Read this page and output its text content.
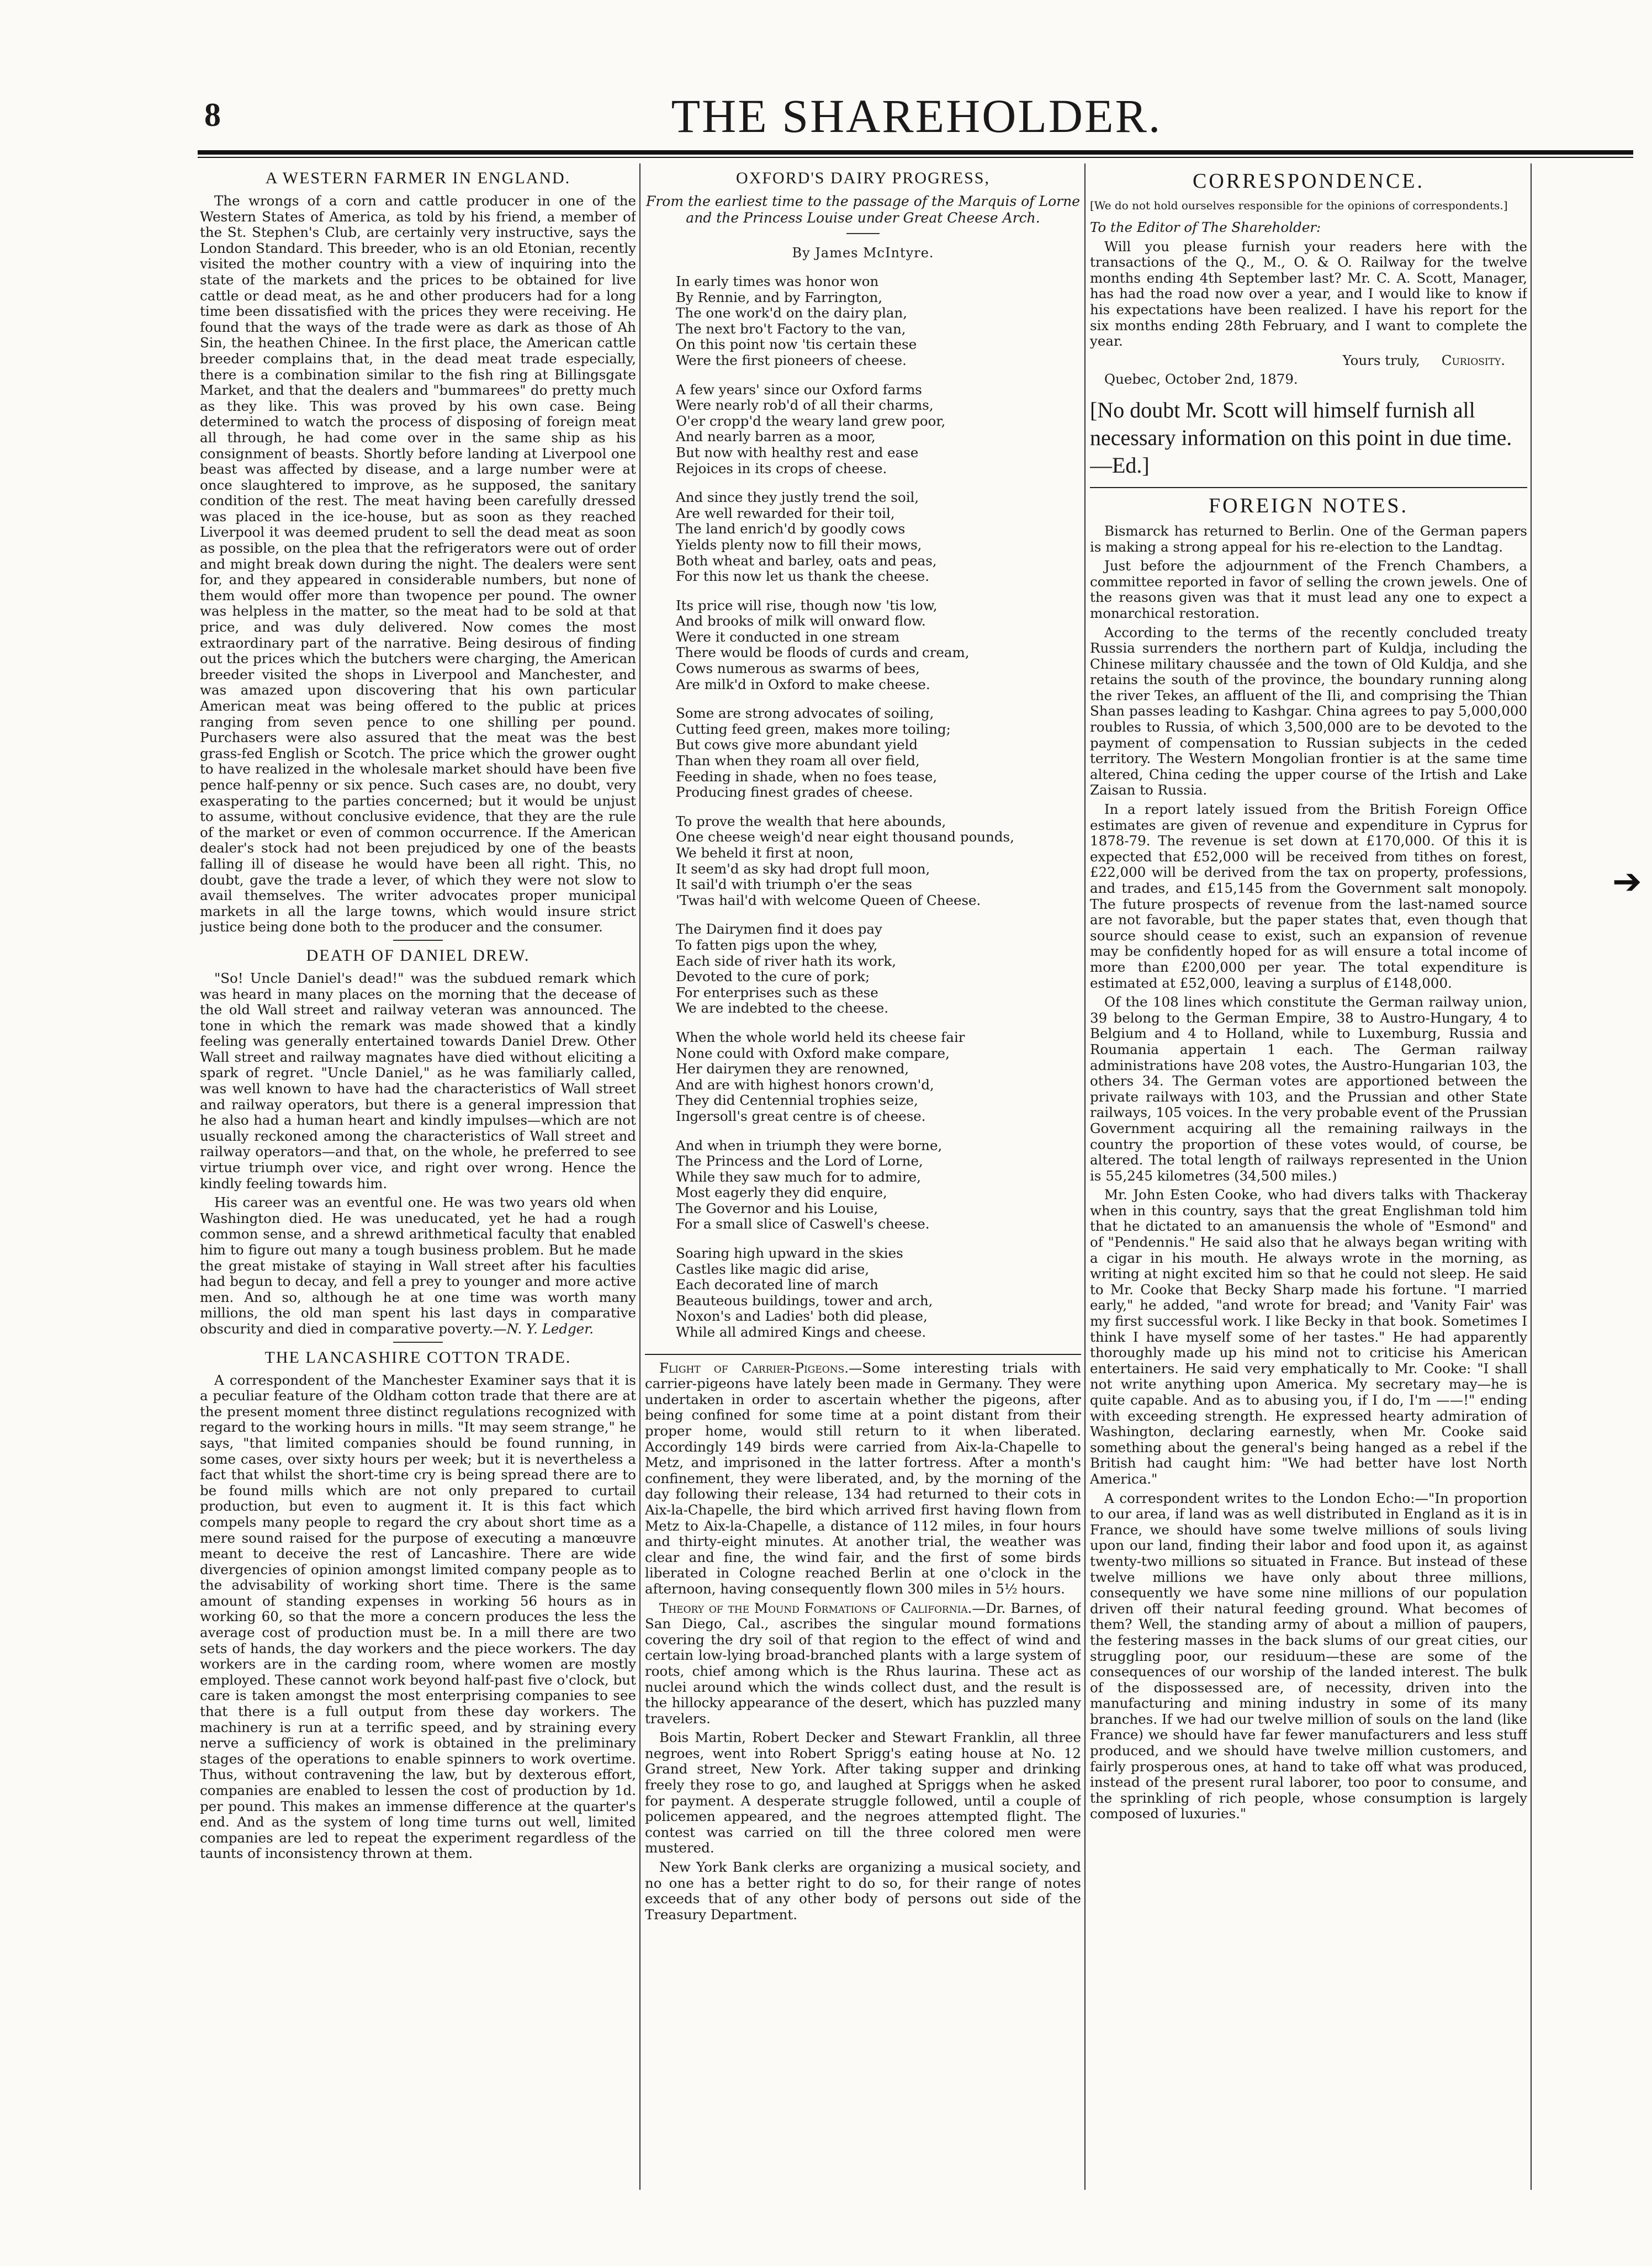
8	THE SHAREHOLDER.
A WESTERN FARMER IN ENGLAND.

The wrongs of a corn and cattle producer in one of the Western States of America, as told by his friend, a member of the St. Stephen's Club, are certainly very instructive, says the London Standard. This breeder, who is an old Etonian, recently visited the mother country with a view of inquiring into the state of the markets and the prices to be obtained for live cattle or dead meat, as he and other producers had for a long time been dissatisfied with the prices they were receiving. He found that the ways of the trade were as dark as those of Ah Sin, the heathen Chinee. In the first place, the American cattle breeder complains that, in the dead meat trade especially, there is a combination similar to the fish ring at Billingsgate Market, and that the dealers and "bummarees" do pretty much as they like. This was proved by his own case. Being determined to watch the process of disposing of foreign meat all through, he had come over in the same ship as his consignment of beasts. Shortly before landing at Liverpool one beast was affected by disease, and a large number were at once slaughtered to improve, as he supposed, the sanitary condition of the rest. The meat having been carefully dressed was placed in the ice-house, but as soon as they reached Liverpool it was deemed prudent to sell the dead meat as soon as possible, on the plea that the refrigerators were out of order and might break down during the night. The dealers were sent for, and they appeared in considerable numbers, but none of them would offer more than twopence per pound. The owner was helpless in the matter, so the meat had to be sold at that price, and was duly delivered. Now comes the most extraordinary part of the narrative. Being desirous of finding out the prices which the butchers were charging, the American breeder visited the shops in Liverpool and Manchester, and was amazed upon discovering that his own particular American meat was being offered to the public at prices ranging from seven pence to one shilling per pound. Purchasers were also assured that the meat was the best grass-fed English or Scotch. The price which the grower ought to have realized in the wholesale market should have been five pence half-penny or six pence. Such cases are, no doubt, very exasperating to the parties concerned; but it would be unjust to assume, without conclusive evidence, that they are the rule of the market or even of common occurrence. If the American dealer's stock had not been prejudiced by one of the beasts falling ill of disease he would have been all right. This, no doubt, gave the trade a lever, of which they were not slow to avail themselves. The writer advocates proper municipal markets in all the large towns, which would insure strict justice being done both to the producer and the consumer.

DEATH OF DANIEL DREW.

"So! Uncle Daniel's dead!" was the subdued remark which was heard in many places on the morning that the decease of the old Wall street and railway veteran was announced. The tone in which the remark was made showed that a kindly feeling was generally entertained towards Daniel Drew. Other Wall street and railway magnates have died without eliciting a spark of regret. "Uncle Daniel," as he was familiarly called, was well known to have had the characteristics of Wall street and railway operators, but there is a general impression that he also had a human heart and kindly impulses—which are not usually reckoned among the characteristics of Wall street and railway operators—and that, on the whole, he preferred to see virtue triumph over vice, and right over wrong. Hence the kindly feeling towards him.

His career was an eventful one. He was two years old when Washington died. He was uneducated, yet he had a rough common sense, and a shrewd arithmetical faculty that enabled him to figure out many a tough business problem. But he made the great mistake of staying in Wall street after his faculties had begun to decay, and fell a prey to younger and more active men. And so, although he at one time was worth many millions, the old man spent his last days in comparative obscurity and died in comparative poverty.—N. Y. Ledger.

THE LANCASHIRE COTTON TRADE.

A correspondent of the Manchester Examiner says that it is a peculiar feature of the Oldham cotton trade that there are at the present moment three distinct regulations recognized with regard to the working hours in mills. "It may seem strange," he says, "that limited companies should be found running, in some cases, over sixty hours per week; but it is nevertheless a fact that whilst the short-time cry is being spread there are to be found mills which are not only prepared to curtail production, but even to augment it. It is this fact which compels many people to regard the cry about short time as a mere sound raised for the purpose of executing a manœuvre meant to deceive the rest of Lancashire. There are wide divergencies of opinion amongst limited company people as to the advisability of working short time. There is the same amount of standing expenses in working 56 hours as in working 60, so that the more a concern produces the less the average cost of production must be. In a mill there are two sets of hands, the day workers and the piece workers. The day workers are in the carding room, where women are mostly employed. These cannot work beyond half-past five o'clock, but care is taken amongst the most enterprising companies to see that there is a full output from these day workers. The machinery is run at a terrific speed, and by straining every nerve a sufficiency of work is obtained in the preliminary stages of the operations to enable spinners to work overtime. Thus, without contravening the law, but by dexterous effort, companies are enabled to lessen the cost of production by 1d. per pound. This makes an immense difference at the quarter's end. And as the system of long time turns out well, limited companies are led to repeat the experiment regardless of the taunts of inconsistency thrown at them.

OXFORD'S DAIRY PROGRESS,
From the earliest time to the passage of the Marquis of Lorne
and the Princess Louise under Great Cheese Arch.
By James McIntyre.
In early times was honor won
By Rennie, and by Farrington,
The one work'd on the dairy plan,
The next bro't Factory to the van,
On this point now 'tis certain these
Were the first pioneers of cheese.
A few years' since our Oxford farms
Were nearly rob'd of all their charms,
O'er cropp'd the weary land grew poor,
And nearly barren as a moor,
But now with healthy rest and ease
Rejoices in its crops of cheese.
And since they justly trend the soil,
Are well rewarded for their toil,
The land enrich'd by goodly cows
Yields plenty now to fill their mows,
Both wheat and barley, oats and peas,
For this now let us thank the cheese.
Its price will rise, though now 'tis low,
And brooks of milk will onward flow.
Were it conducted in one stream
There would be floods of curds and cream,
Cows numerous as swarms of bees,
Are milk'd in Oxford to make cheese.
Some are strong advocates of soiling,
Cutting feed green, makes more toiling;
But cows give more abundant yield
Than when they roam all over field,
Feeding in shade, when no foes tease,
Producing finest grades of cheese.
To prove the wealth that here abounds,
One cheese weigh'd near eight thousand pounds,
We beheld it first at noon,
It seem'd as sky had dropt full moon,
It sail'd with triumph o'er the seas
'Twas hail'd with welcome Queen of Cheese.
The Dairymen find it does pay
To fatten pigs upon the whey,
Each side of river hath its work,
Devoted to the cure of pork;
For enterprises such as these
We are indebted to the cheese.
When the whole world held its cheese fair
None could with Oxford make compare,
Her dairymen they are renowned,
And are with highest honors crown'd,
They did Centennial trophies seize,
Ingersoll's great centre is of cheese.
And when in triumph they were borne,
The Princess and the Lord of Lorne,
While they saw much for to admire,
Most eagerly they did enquire,
The Governor and his Louise,
For a small slice of Caswell's cheese.
Soaring high upward in the skies
Castles like magic did arise,
Each decorated line of march
Beauteous buildings, tower and arch,
Noxon's and Ladies' both did please,
While all admired Kings and cheese.

Flight of Carrier-Pigeons.—Some interesting trials with carrier-pigeons have lately been made in Germany. They were undertaken in order to ascertain whether the pigeons, after being confined for some time at a point distant from their proper home, would still return to it when liberated. Accordingly 149 birds were carried from Aix-la-Chapelle to Metz, and imprisoned in the latter fortress. After a month's confinement, they were liberated, and, by the morning of the day following their release, 134 had returned to their cots in Aix-la-Chapelle, the bird which arrived first having flown from Metz to Aix-la-Chapelle, a distance of 112 miles, in four hours and thirty-eight minutes. At another trial, the weather was clear and fine, the wind fair, and the first of some birds liberated in Cologne reached Berlin at one o'clock in the afternoon, having consequently flown 300 miles in 5½ hours.

Theory of the Mound Formations of California.—Dr. Barnes, of San Diego, Cal., ascribes the singular mound formations covering the dry soil of that region to the effect of wind and certain low-lying broad-branched plants with a large system of roots, chief among which is the Rhus laurina. These act as nuclei around which the winds collect dust, and the result is the hillocky appearance of the desert, which has puzzled many travelers.

Bois Martin, Robert Decker and Stewart Franklin, all three negroes, went into Robert Sprigg's eating house at No. 12 Grand street, New York. After taking supper and drinking freely they rose to go, and laughed at Spriggs when he asked for payment. A desperate struggle followed, until a couple of policemen appeared, and the negroes attempted flight. The contest was carried on till the three colored men were mustered.

New York Bank clerks are organizing a musical society, and no one has a better right to do so, for their range of notes exceeds that of any other body of persons out side of the Treasury Department.

CORRESPONDENCE.

[We do not hold ourselves responsible for the opinions of correspondents.]

To the Editor of The Shareholder:

Will you please furnish your readers here with the transactions of the Q., M., O. & O. Railway for the twelve months ending 4th September last? Mr. C. A. Scott, Manager, has had the road now over a year, and I would like to know if his expectations have been realized. I have his report for the six months ending 28th February, and I want to complete the year.

Yours truly, Curiosity.

Quebec, October 2nd, 1879.

[No doubt Mr. Scott will himself furnish all necessary information on this point in due time.—Ed.]

FOREIGN NOTES.

Bismarck has returned to Berlin. One of the German papers is making a strong appeal for his re-election to the Landtag.

Just before the adjournment of the French Chambers, a committee reported in favor of selling the crown jewels. One of the reasons given was that it must lead any one to expect a monarchical restoration.

According to the terms of the recently concluded treaty Russia surrenders the northern part of Kuldja, including the Chinese military chaussée and the town of Old Kuldja, and she retains the south of the province, the boundary running along the river Tekes, an affluent of the Ili, and comprising the Thian Shan passes leading to Kashgar. China agrees to pay 5,000,000 roubles to Russia, of which 3,500,000 are to be devoted to the payment of compensation to Russian subjects in the ceded territory. The Western Mongolian frontier is at the same time altered, China ceding the upper course of the Irtish and Lake Zaisan to Russia.

In a report lately issued from the British Foreign Office estimates are given of revenue and expenditure in Cyprus for 1878-79. The revenue is set down at £170,000. Of this it is expected that £52,000 will be received from tithes on forest, £22,000 will be derived from the tax on property, professions, and trades, and £15,145 from the Government salt monopoly. The future prospects of revenue from the last-named source are not favorable, but the paper states that, even though that source should cease to exist, such an expansion of revenue may be confidently hoped for as will ensure a total income of more than £200,000 per year. The total expenditure is estimated at £52,000, leaving a surplus of £148,000.

Of the 108 lines which constitute the German railway union, 39 belong to the German Empire, 38 to Austro-Hungary, 4 to Belgium and 4 to Holland, while to Luxemburg, Russia and Roumania appertain 1 each. The German railway administrations have 208 votes, the Austro-Hungarian 103, the others 34. The German votes are apportioned between the private railways with 103, and the Prussian and other State railways, 105 voices. In the very probable event of the Prussian Government acquiring all the remaining railways in the country the proportion of these votes would, of course, be altered. The total length of railways represented in the Union is 55,245 kilometres (34,500 miles.)

Mr. John Esten Cooke, who had divers talks with Thackeray when in this country, says that the great Englishman told him that he dictated to an amanuensis the whole of "Esmond" and of "Pendennis." He said also that he always began writing with a cigar in his mouth. He always wrote in the morning, as writing at night excited him so that he could not sleep. He said to Mr. Cooke that Becky Sharp made his fortune. "I married early," he added, "and wrote for bread; and 'Vanity Fair' was my first successful work. I like Becky in that book. Sometimes I think I have myself some of her tastes." He had apparently thoroughly made up his mind not to criticise his American entertainers. He said very emphatically to Mr. Cooke: "I shall not write anything upon America. My secretary may—he is quite capable. And as to abusing you, if I do, I'm ——!" ending with exceeding strength. He expressed hearty admiration of Washington, declaring earnestly, when Mr. Cooke said something about the general's being hanged as a rebel if the British had caught him: "We had better have lost North America."

A correspondent writes to the London Echo:—"In proportion to our area, if land was as well distributed in England as it is in France, we should have some twelve millions of souls living upon our land, finding their labor and food upon it, as against twenty-two millions so situated in France. But instead of these twelve millions we have only about three millions, consequently we have some nine millions of our population driven off their natural feeding ground. What becomes of them? Well, the standing army of about a million of paupers, the festering masses in the back slums of our great cities, our struggling poor, our residuum—these are some of the consequences of our worship of the landed interest. The bulk of the dispossessed are, of necessity, driven into the manufacturing and mining industry in some of its many branches. If we had our twelve million of souls on the land (like France) we should have far fewer manufacturers and less stuff produced, and we should have twelve million customers, and fairly prosperous ones, at hand to take off what was produced, instead of the present rural laborer, too poor to consume, and the sprinkling of rich people, whose consumption is largely composed of luxuries."

➔
